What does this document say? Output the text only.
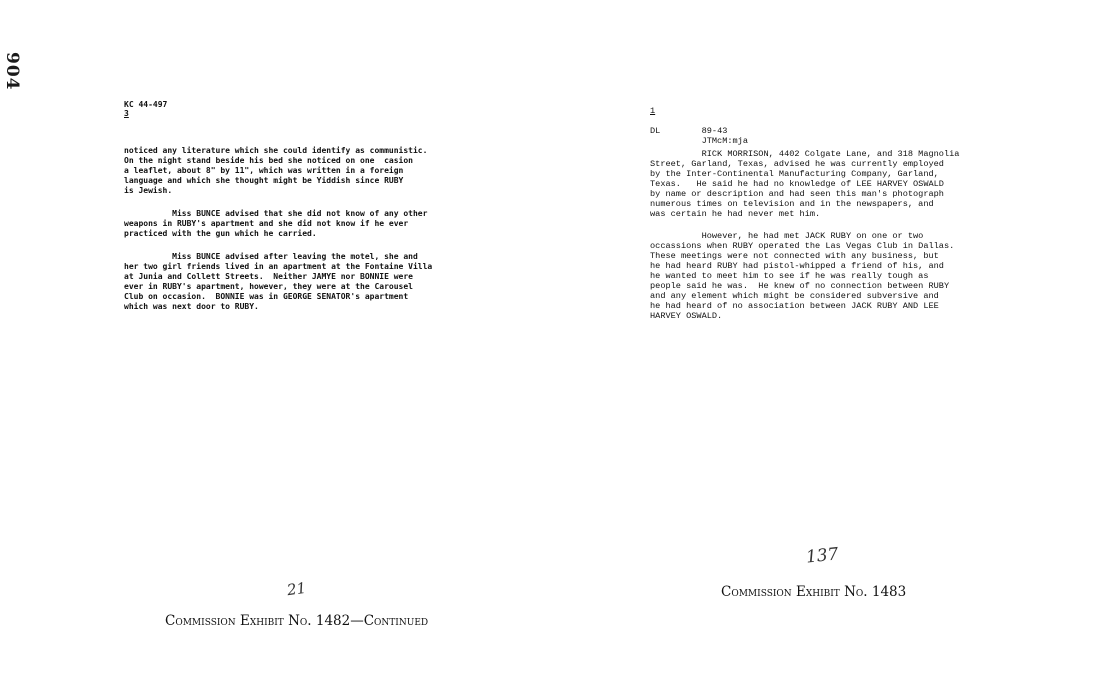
904
KC 44-497
3

noticed any literature which she could identify as communistic.
On the night stand beside his bed she noticed on one  casion
a leaflet, about 8" by 11", which was written in a foreign
language and which she thought might be Yiddish since RUBY
is Jewish.

Miss BUNCE advised that she did not know of any other
weapons in RUBY's apartment and she did not know if he ever
practiced with the gun which he carried.

Miss BUNCE advised after leaving the motel, she and
her two girl friends lived in an apartment at the Fontaine Villa
at Junia and Collett Streets.  Neither JAMYE nor BONNIE were
ever in RUBY's apartment, however, they were at the Carousel
Club on occasion.  BONNIE was in GEORGE SENATOR's apartment
which was next door to RUBY.

1
DL	89-43
JTMcM:mja

RICK MORRISON, 4402 Colgate Lane, and 318 Magnolia
Street, Garland, Texas, advised he was currently employed
by the Inter-Continental Manufacturing Company, Garland,
Texas.   He said he had no knowledge of LEE HARVEY OSWALD
by name or description and had seen this man's photograph
numerous times on television and in the newspapers, and
was certain he had never met him.

However, he had met JACK RUBY on one or two
occassions when RUBY operated the Las Vegas Club in Dallas.
These meetings were not connected with any business, but
he had heard RUBY had pistol-whipped a friend of his, and
he wanted to meet him to see if he was really tough as
people said he was.  He knew of no connection between RUBY
and any element which might be considered subversive and
he had heard of no association between JACK RUBY AND LEE
HARVEY OSWALD.

21
137
Commission Exhibit No. 1482—Continued
Commission Exhibit No. 1483
